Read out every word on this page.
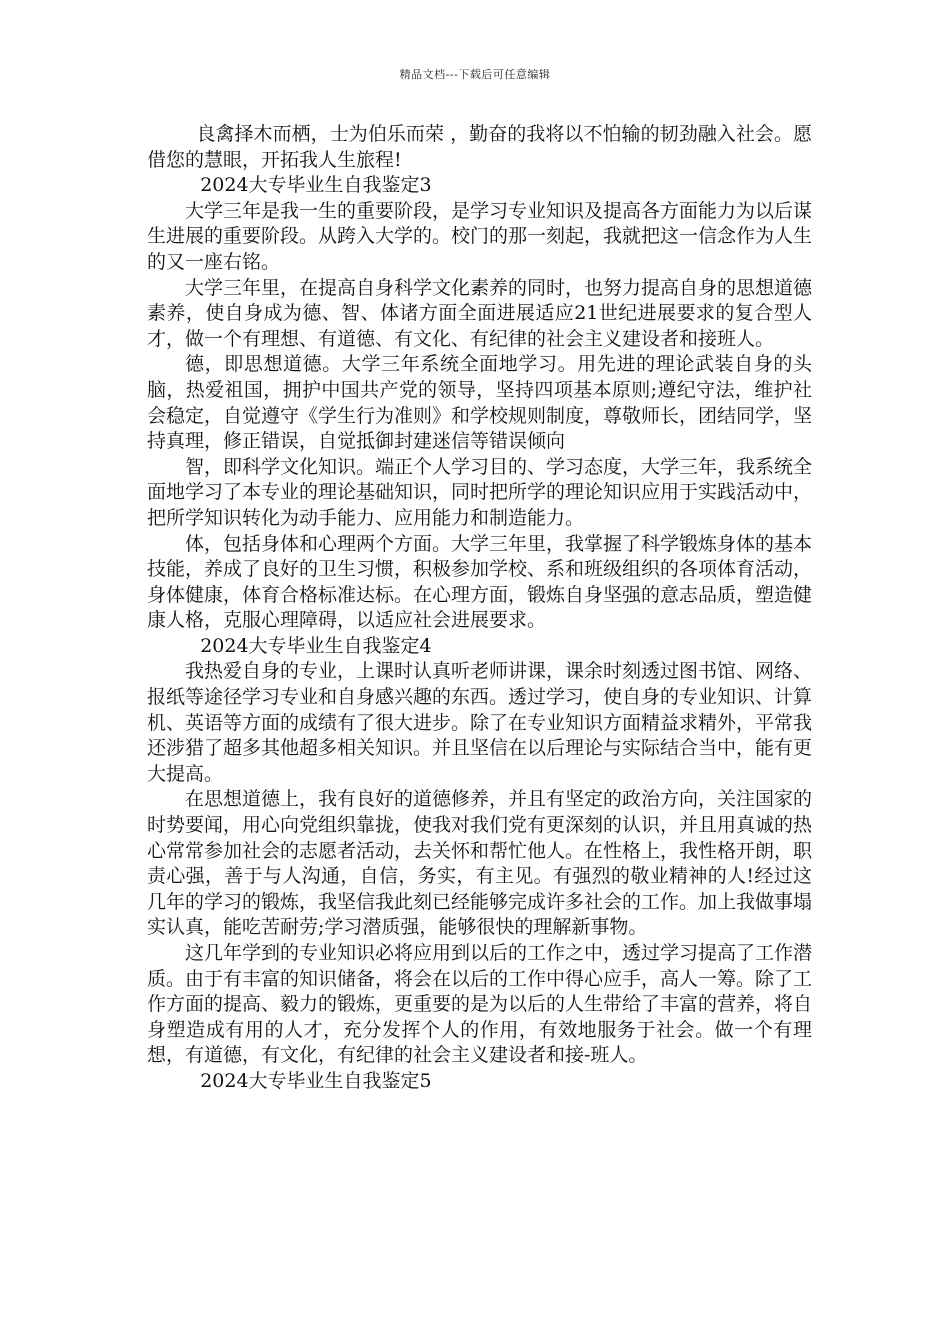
精品文档---下载后可任意编辑

良禽择木而栖，士为伯乐而荣 ，勤奋的我将以不怕输的韧劲融入社会。愿借您的慧眼，开拓我人生旅程!

2024大专毕业生自我鉴定3

大学三年是我一生的重要阶段，是学习专业知识及提高各方面能力为以后谋生进展的重要阶段。从跨入大学的。校门的那一刻起，我就把这一信念作为人生的又一座右铭。

大学三年里，在提高自身科学文化素养的同时，也努力提高自身的思想道德素养，使自身成为德、智、体诸方面全面进展适应21世纪进展要求的复合型人才，做一个有理想、有道德、有文化、有纪律的社会主义建设者和接班人。

德，即思想道德。大学三年系统全面地学习。用先进的理论武装自身的头脑，热爱祖国，拥护中国共产党的领导，坚持四项基本原则;遵纪守法，维护社会稳定，自觉遵守《学生行为准则》和学校规则制度，尊敬师长，团结同学，坚持真理，修正错误，自觉抵御封建迷信等错误倾向

智，即科学文化知识。端正个人学习目的、学习态度，大学三年，我系统全面地学习了本专业的理论基础知识，同时把所学的理论知识应用于实践活动中，把所学知识转化为动手能力、应用能力和制造能力。

体，包括身体和心理两个方面。大学三年里，我掌握了科学锻炼身体的基本技能，养成了良好的卫生习惯，积极参加学校、系和班级组织的各项体育活动，身体健康，体育合格标准达标。在心理方面，锻炼自身坚强的意志品质，塑造健康人格，克服心理障碍，以适应社会进展要求。

2024大专毕业生自我鉴定4

我热爱自身的专业，上课时认真听老师讲课，课余时刻透过图书馆、网络、报纸等途径学习专业和自身感兴趣的东西。透过学习，使自身的专业知识、计算机、英语等方面的成绩有了很大进步。除了在专业知识方面精益求精外，平常我还涉猎了超多其他超多相关知识。并且坚信在以后理论与实际结合当中，能有更大提高。

在思想道德上，我有良好的道德修养，并且有坚定的政治方向，关注国家的时势要闻，用心向党组织靠拢，使我对我们党有更深刻的认识，并且用真诚的热心常常参加社会的志愿者活动，去关怀和帮忙他人。在性格上，我性格开朗，职责心强，善于与人沟通，自信，务实，有主见。有强烈的敬业精神的人!经过这几年的学习的锻炼，我坚信我此刻已经能够完成许多社会的工作。加上我做事塌实认真，能吃苦耐劳;学习潜质强，能够很快的理解新事物。

这几年学到的专业知识必将应用到以后的工作之中，透过学习提高了工作潜质。由于有丰富的知识储备，将会在以后的工作中得心应手，高人一筹。除了工作方面的提高、毅力的锻炼，更重要的是为以后的人生带给了丰富的营养，将自身塑造成有用的人才，充分发挥个人的作用，有效地服务于社会。做一个有理想，有道德，有文化，有纪律的社会主义建设者和接-班人。

2024大专毕业生自我鉴定5
